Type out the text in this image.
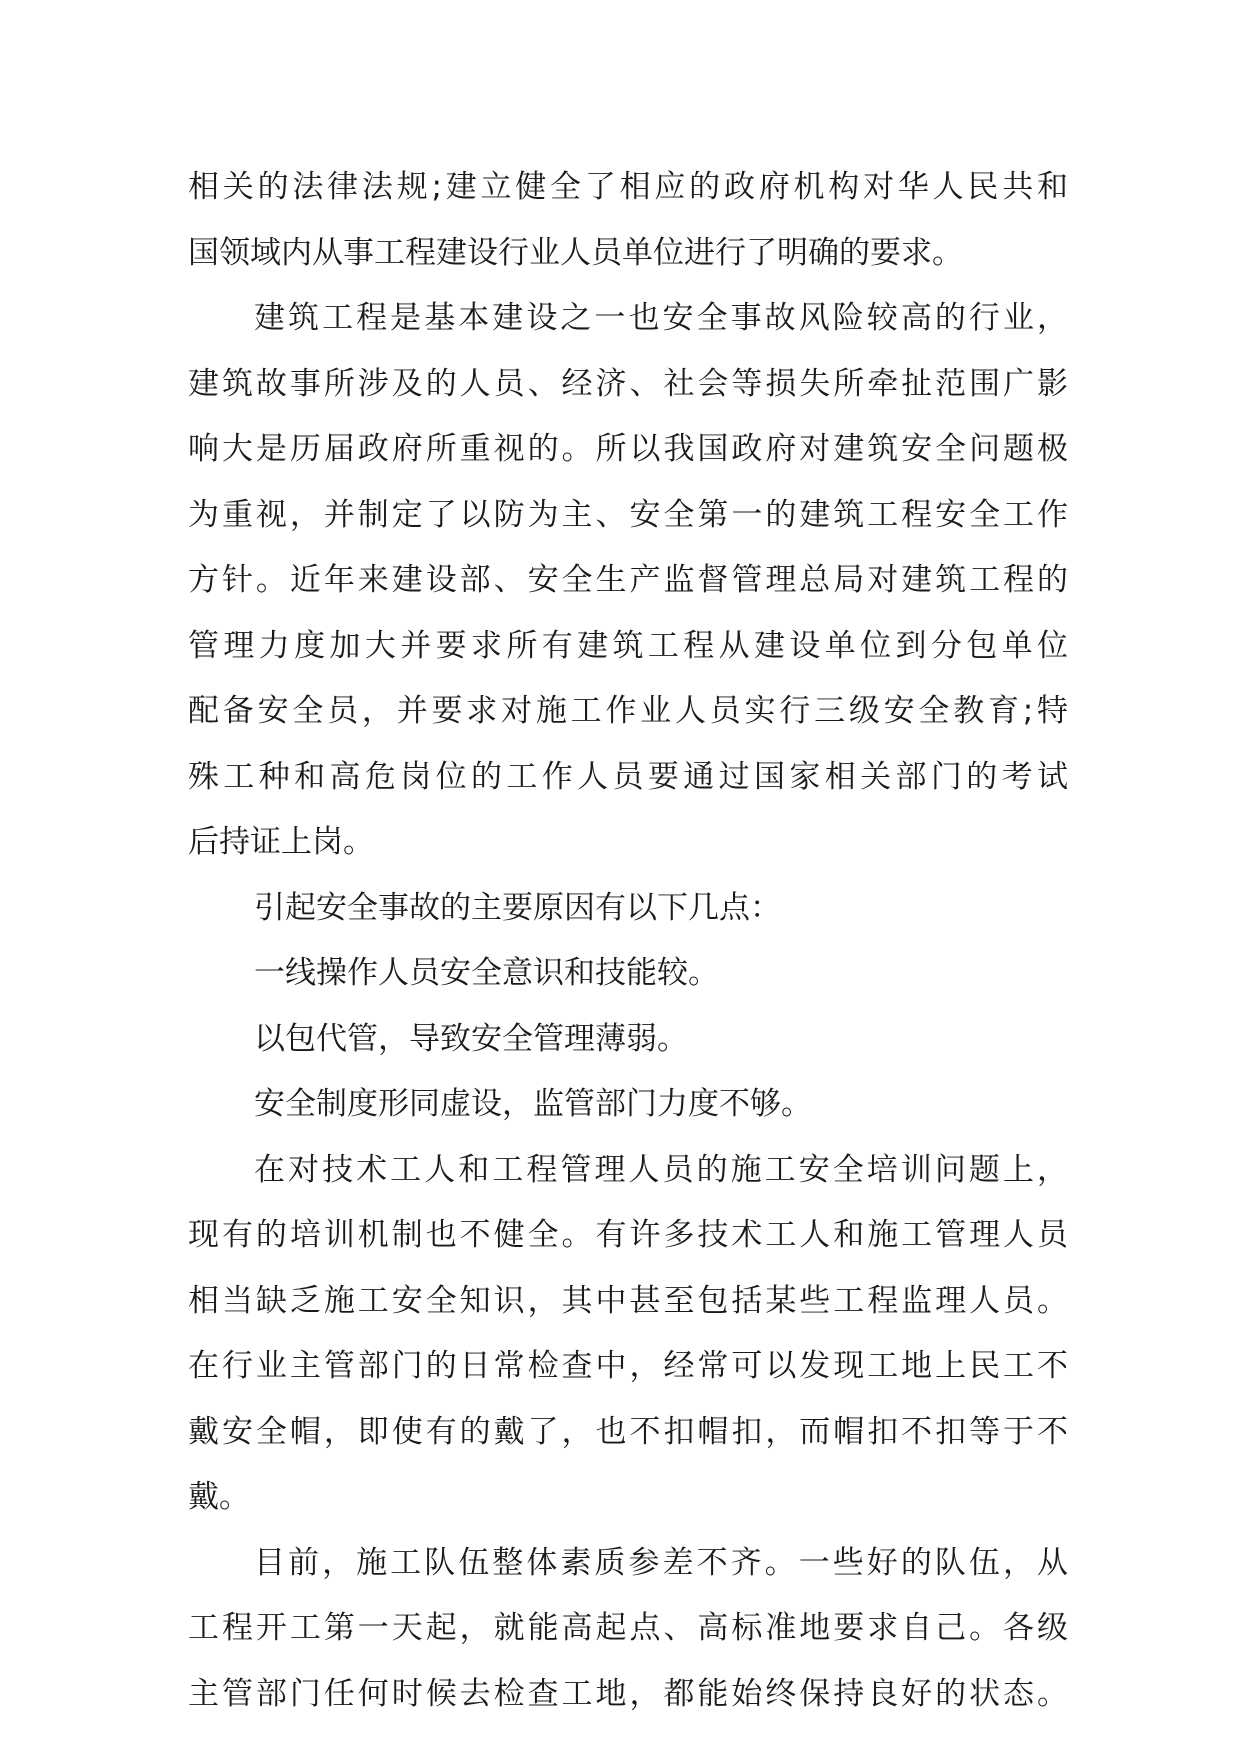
相关的法律法规;建立健全了相应的政府机构对华人民共和
国领域内从事工程建设行业人员单位进行了明确的要求。
建筑工程是基本建设之一也安全事故风险较高的行业，
建筑故事所涉及的人员、经济、社会等损失所牵扯范围广影
响大是历届政府所重视的。所以我国政府对建筑安全问题极
为重视，并制定了以防为主、安全第一的建筑工程安全工作
方针。近年来建设部、安全生产监督管理总局对建筑工程的
管理力度加大并要求所有建筑工程从建设单位到分包单位
配备安全员，并要求对施工作业人员实行三级安全教育;特
殊工种和高危岗位的工作人员要通过国家相关部门的考试
后持证上岗。
引起安全事故的主要原因有以下几点：
一线操作人员安全意识和技能较。
以包代管，导致安全管理薄弱。
安全制度形同虚设，监管部门力度不够。
在对技术工人和工程管理人员的施工安全培训问题上，
现有的培训机制也不健全。有许多技术工人和施工管理人员
相当缺乏施工安全知识，其中甚至包括某些工程监理人员。
在行业主管部门的日常检查中，经常可以发现工地上民工不
戴安全帽，即使有的戴了，也不扣帽扣，而帽扣不扣等于不
戴。
目前，施工队伍整体素质参差不齐。一些好的队伍，从
工程开工第一天起，就能高起点、高标准地要求自己。各级
主管部门任何时候去检查工地，都能始终保持良好的状态。
